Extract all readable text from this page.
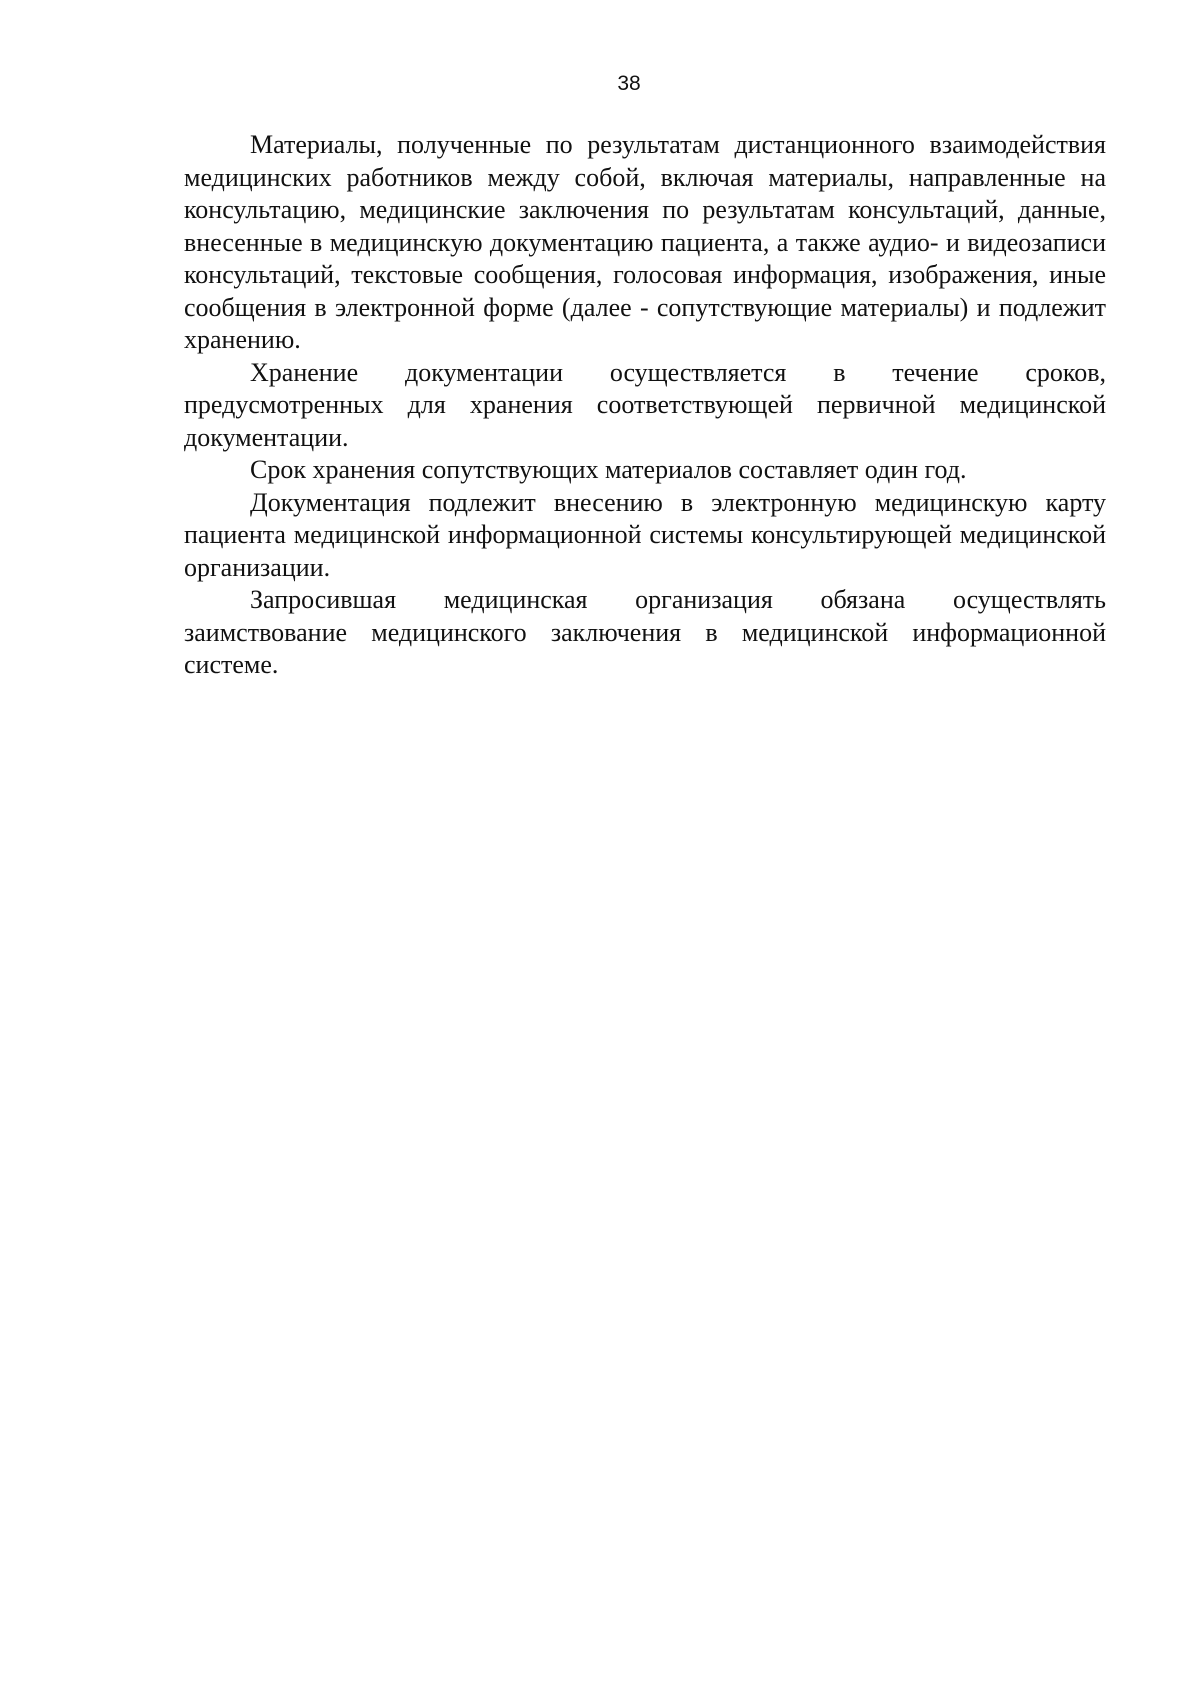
38

Материалы, полученные по результатам дистанционного взаимодействия медицинских работников между собой, включая материалы, направленные на консультацию, медицинские заключения по результатам консультаций, данные, внесенные в медицинскую документацию пациента, а также аудио- и видеозаписи консультаций, текстовые сообщения, голосовая информация, изображения, иные сообщения в электронной форме (далее - сопутствующие материалы) и подлежит хранению.

Хранение документации осуществляется в течение сроков, предусмотренных для хранения соответствующей первичной медицинской документации.

Срок хранения сопутствующих материалов составляет один год.

Документация подлежит внесению в электронную медицинскую карту пациента медицинской информационной системы консультирующей медицинской организации.

Запросившая медицинская организация обязана осуществлять заимствование медицинского заключения в медицинской информационной системе.
